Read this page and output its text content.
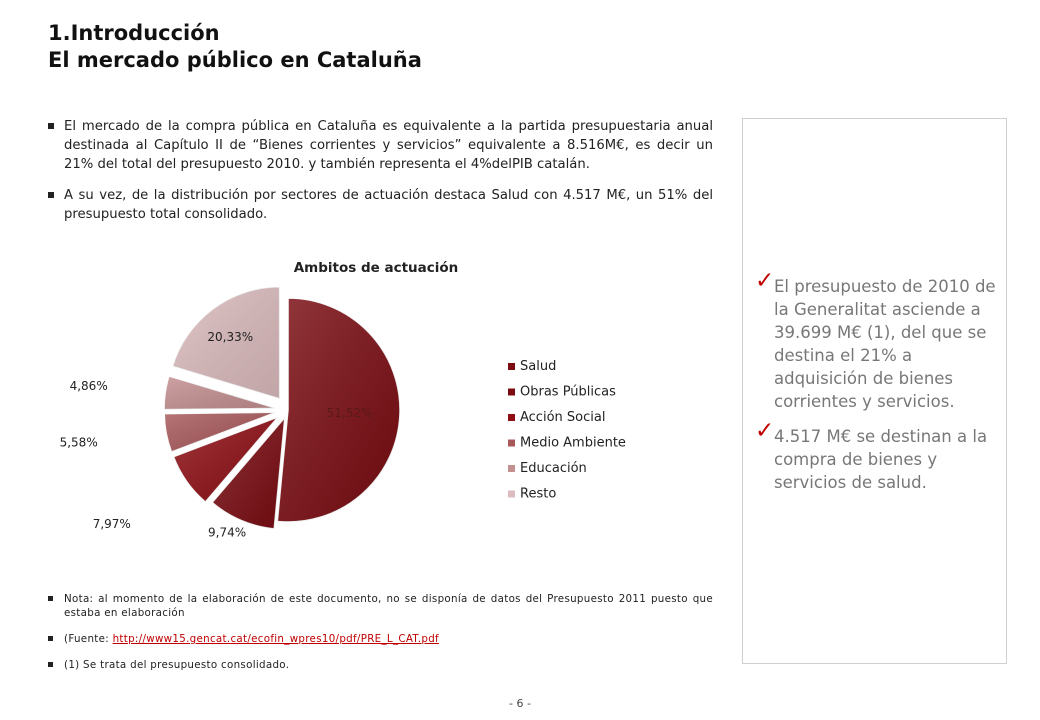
1.Introducción
El mercado público en Cataluña
El mercado de la compra pública en Cataluña es equivalente a la partida presupuestaria anual destinada al Capítulo II de “Bienes corrientes y servicios” equivalente a 8.516M€, es decir un 21% del total del presupuesto 2010. y también representa el 4%delPIB catalán.
A su vez, de la distribución por sectores de actuación destaca Salud con 4.517 M€, un 51% del presupuesto total consolidado.
Ambitos de actuación
51,52%
9,74%
7,97%
5,58%
4,86%
20,33%
Salud
Obras Públicas
Acción Social
Medio Ambiente
Educación
Resto
Nota: al momento de la elaboración de este documento, no se disponía de datos del Presupuesto 2011 puesto que estaba en elaboración
(Fuente: http://www15.gencat.cat/ecofin_wpres10/pdf/PRE_L_CAT.pdf
(1) Se trata del presupuesto consolidado.
✓ El presupuesto de 2010 de la Generalitat asciende a 39.699 M€ (1), del que se destina el 21% a adquisición de bienes corrientes y servicios.
✓ 4.517 M€ se destinan a la compra de bienes y servicios de salud.
- 6 -
